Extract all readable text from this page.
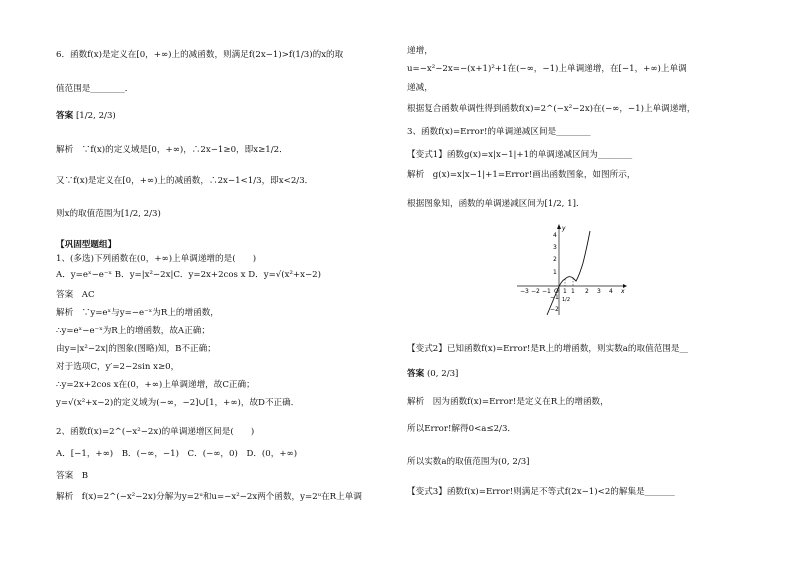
6．函数f(x)是定义在[0，+∞)上的减函数，则满足f(2x−1)>f(1/3)的x的取
值范围是________．
答案 [1/2, 2/3)
解析　∵f(x)的定义域是[0，+∞)，∴2x−1≥0，即x≥1/2．
又∵f(x)是定义在[0，+∞)上的减函数，∴2x−1<1/3，即x<2/3．
则x的取值范围为[1/2, 2/3)
【巩固型题组】
1、(多选)下列函数在(0，+∞)上单调递增的是(　　)
A．y=eˣ−e⁻ˣ B．y=|x²−2x|C．y=2x+2cos x D．y=√(x²+x−2)
答案　AC
解析　∵y=eˣ与y=−e⁻ˣ为R上的增函数，
∴y=eˣ−e⁻ˣ为R上的增函数，故A正确；
由y=|x²−2x|的图象(图略)知，B不正确；
对于选项C，y′=2−2sin x≥0，
∴y=2x+2cos x在(0，+∞)上单调递增，故C正确；
y=√(x²+x−2)的定义域为(−∞，−2]∪[1，+∞)，故D不正确．
2、函数f(x)=2^(−x²−2x)的单调递增区间是(　　)
A．[−1，+∞)　B．(−∞，−1)　C．(−∞，0)　D．(0，+∞)
答案　B
解析　f(x)=2^(−x²−2x)分解为y=2ᵘ和u=−x²−2x两个函数，y=2ᵘ在R上单调
递增，
u=−x²−2x=−(x+1)²+1在(−∞，−1)上单调递增，在[−1，+∞)上单调
递减，
根据复合函数单调性得到函数f(x)=2^(−x²−2x)在(−∞，−1)上单调递增，
3、函数f(x)=Error!的单调递减区间是________
【变式1】函数g(x)=x|x−1|+1的单调递减区间为________
解析　g(x)=x|x−1|+1=Error!画出函数图象，如图所示，
根据图象知，函数的单调递减区间为[1/2, 1]．
4
3
2
1
−1
−2
−3 −2 −1 O 1 1 2 3 4 x
y
1/2
【变式2】已知函数f(x)=Error!是R上的增函数，则实数a的取值范围是__
答案 (0, 2/3]
解析　因为函数f(x)=Error!是定义在R上的增函数，
所以Error!解得0<a≤2/3．
所以实数a的取值范围为(0, 2/3]
【变式3】函数f(x)=Error!则满足不等式f(2x−1)<2的解集是_______
